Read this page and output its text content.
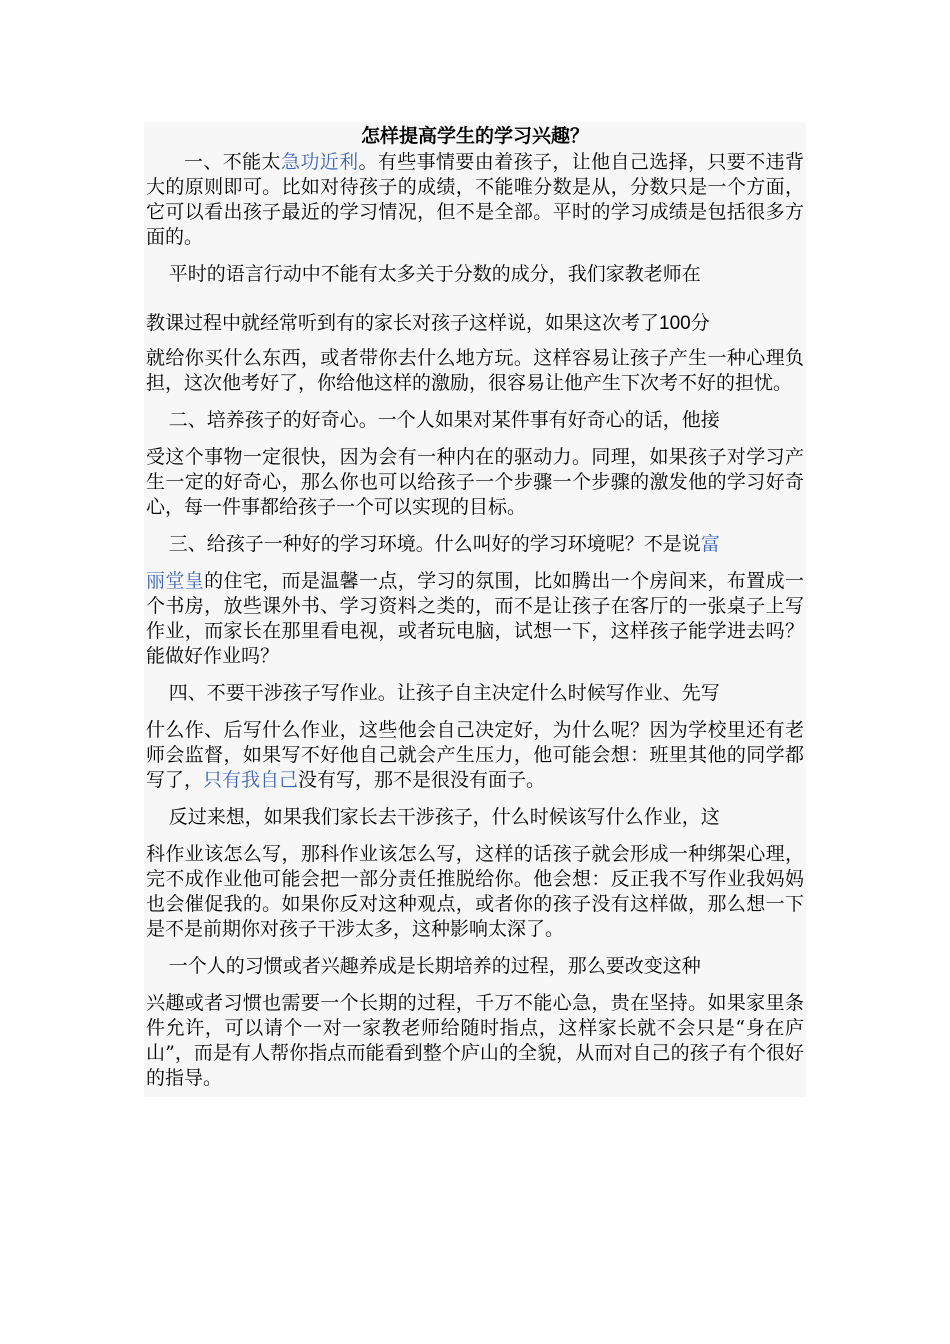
怎样提高学生的学习兴趣？

一、不能太急功近利。有些事情要由着孩子，让他自己选择，只要不违背大的原则即可。比如对待孩子的成绩，不能唯分数是从，分数只是一个方面，它可以看出孩子最近的学习情况，但不是全部。平时的学习成绩是包括很多方面的。

平时的语言行动中不能有太多关于分数的成分，我们家教老师在

教课过程中就经常听到有的家长对孩子这样说，如果这次考了100分

就给你买什么东西，或者带你去什么地方玩。这样容易让孩子产生一种心理负担，这次他考好了，你给他这样的激励，很容易让他产生下次考不好的担忧。

二、培养孩子的好奇心。一个人如果对某件事有好奇心的话，他接

受这个事物一定很快，因为会有一种内在的驱动力。同理，如果孩子对学习产生一定的好奇心，那么你也可以给孩子一个步骤一个步骤的激发他的学习好奇心，每一件事都给孩子一个可以实现的目标。

三、给孩子一种好的学习环境。什么叫好的学习环境呢？不是说富

丽堂皇的住宅，而是温馨一点，学习的氛围，比如腾出一个房间来，布置成一个书房，放些课外书、学习资料之类的，而不是让孩子在客厅的一张桌子上写作业，而家长在那里看电视，或者玩电脑，试想一下，这样孩子能学进去吗？能做好作业吗？

四、不要干涉孩子写作业。让孩子自主决定什么时候写作业、先写

什么作、后写什么作业，这些他会自己决定好，为什么呢？因为学校里还有老师会监督，如果写不好他自己就会产生压力，他可能会想：班里其他的同学都写了，只有我自己没有写，那不是很没有面子。

反过来想，如果我们家长去干涉孩子，什么时候该写什么作业，这

科作业该怎么写，那科作业该怎么写，这样的话孩子就会形成一种绑架心理，完不成作业他可能会把一部分责任推脱给你。他会想：反正我不写作业我妈妈也会催促我的。如果你反对这种观点，或者你的孩子没有这样做，那么想一下是不是前期你对孩子干涉太多，这种影响太深了。

一个人的习惯或者兴趣养成是长期培养的过程，那么要改变这种

兴趣或者习惯也需要一个长期的过程，千万不能心急，贵在坚持。如果家里条件允许，可以请个一对一家教老师给随时指点，这样家长就不会只是“身在庐山”，而是有人帮你指点而能看到整个庐山的全貌，从而对自己的孩子有个很好的指导。
